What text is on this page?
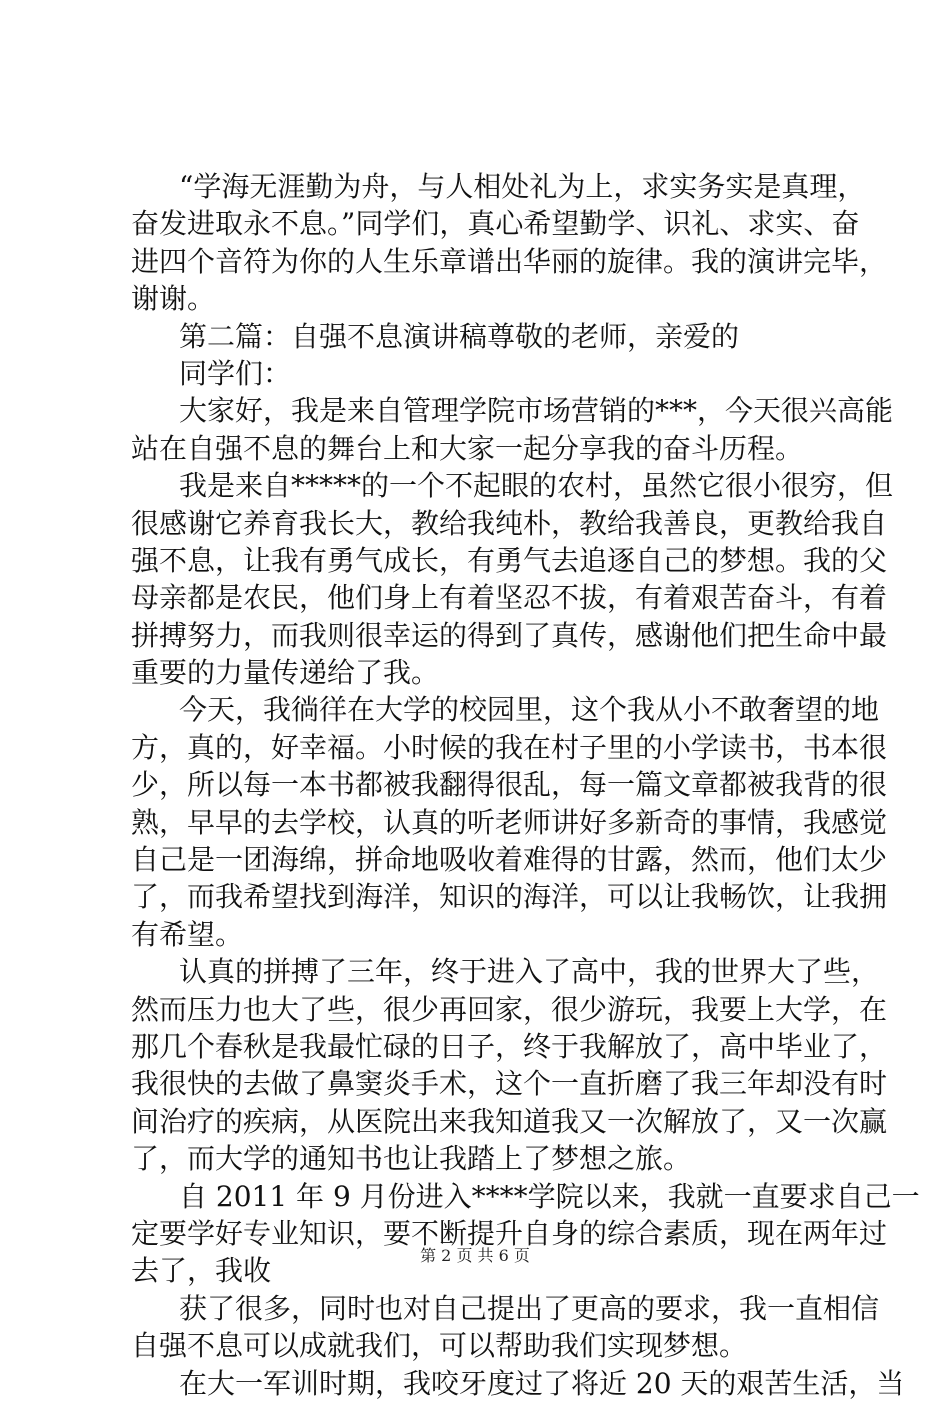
“学海无涯勤为舟，与人相处礼为上，求实务实是真理，
奋发进取永不息。”同学们，真心希望勤学、识礼、求实、奋
进四个音符为你的人生乐章谱出华丽的旋律。我的演讲完毕，
谢谢。
第二篇：自强不息演讲稿尊敬的老师，亲爱的
同学们：
大家好，我是来自管理学院市场营销的***，今天很兴高能
站在自强不息的舞台上和大家一起分享我的奋斗历程。
我是来自*****的一个不起眼的农村，虽然它很小很穷，但
很感谢它养育我长大，教给我纯朴，教给我善良，更教给我自
强不息，让我有勇气成长，有勇气去追逐自己的梦想。我的父
母亲都是农民，他们身上有着坚忍不拔，有着艰苦奋斗，有着
拼搏努力，而我则很幸运的得到了真传，感谢他们把生命中最
重要的力量传递给了我。
今天，我徜徉在大学的校园里，这个我从小不敢奢望的地
方，真的，好幸福。小时候的我在村子里的小学读书，书本很
少，所以每一本书都被我翻得很乱，每一篇文章都被我背的很
熟，早早的去学校，认真的听老师讲好多新奇的事情，我感觉
自己是一团海绵，拼命地吸收着难得的甘露，然而，他们太少
了，而我希望找到海洋，知识的海洋，可以让我畅饮，让我拥
有希望。
认真的拼搏了三年，终于进入了高中，我的世界大了些，
然而压力也大了些，很少再回家，很少游玩，我要上大学，在
那几个春秋是我最忙碌的日子，终于我解放了，高中毕业了，
我很快的去做了鼻窦炎手术，这个一直折磨了我三年却没有时
间治疗的疾病，从医院出来我知道我又一次解放了，又一次赢
了，而大学的通知书也让我踏上了梦想之旅。
自 2011 年 9 月份进入****学院以来，我就一直要求自己一
定要学好专业知识，要不断提升自身的综合素质，现在两年过
去了，我收
获了很多，同时也对自己提出了更高的要求，我一直相信
自强不息可以成就我们，可以帮助我们实现梦想。
在大一军训时期，我咬牙度过了将近 20 天的艰苦生活，当
第 2 页 共 6 页
